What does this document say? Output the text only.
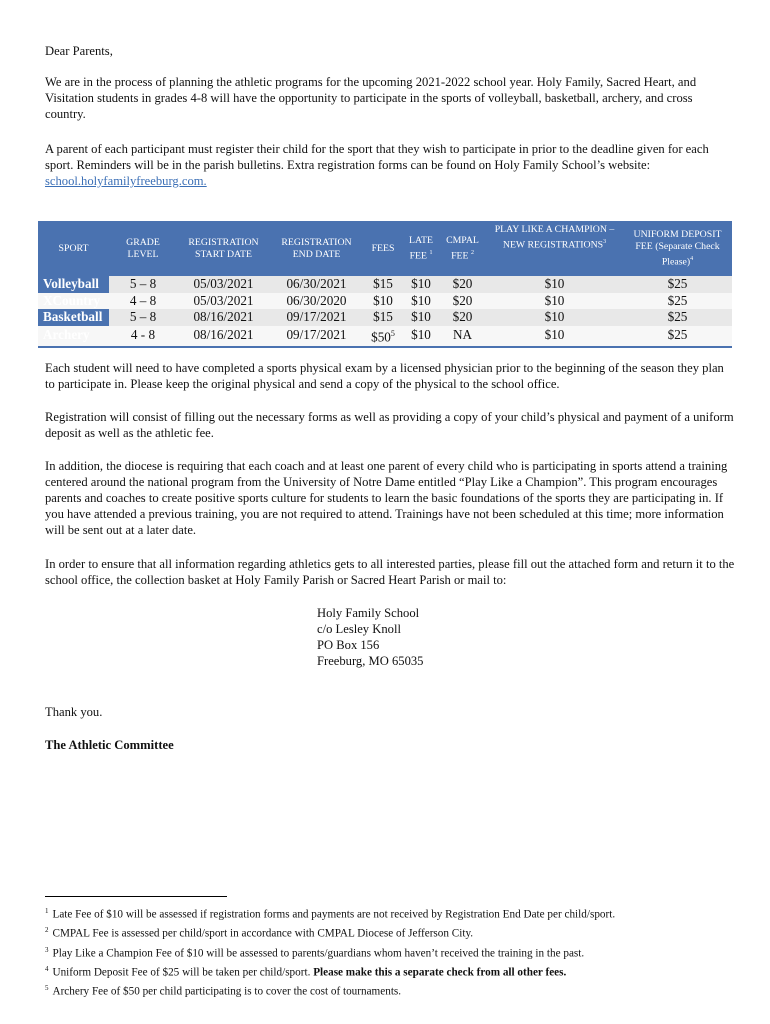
Dear Parents,

We are in the process of planning the athletic programs for the upcoming 2021-2022 school year. Holy Family, Sacred Heart, and Visitation students in grades 4-8 will have the opportunity to participate in the sports of volleyball, basketball, archery, and cross country.

A parent of each participant must register their child for the sport that they wish to participate in prior to the deadline given for each sport. Reminders will be in the parish bulletins. Extra registration forms can be found on Holy Family School’s website: school.holyfamilyfreeburg.com.

SPORT	GRADE LEVEL	REGISTRATION START DATE	REGISTRATION END DATE	FEES	LATE FEE $^1$	CMPAL FEE $^2$	PLAY LIKE A CHAMPION – NEW REGISTRATIONS$^3$	UNIFORM DEPOSIT FEE (Separate Check Please)$^4$
Volleyball	5 – 8	05/03/2021	06/30/2021	$15	$10	$20	$10	$25
XCountry	4 – 8	05/03/2021	06/30/2020	$10	$10	$20	$10	$25
Basketball	5 – 8	08/16/2021	09/17/2021	$15	$10	$20	$10	$25
Archery	4 - 8	08/16/2021	09/17/2021	$\$50^5$	$10	NA	$10	$25

Each student will need to have completed a sports physical exam by a licensed physician prior to the beginning of the season they plan to participate in. Please keep the original physical and send a copy of the physical to the school office.

Registration will consist of filling out the necessary forms as well as providing a copy of your child’s physical and payment of a uniform deposit as well as the athletic fee.

In addition, the diocese is requiring that each coach and at least one parent of every child who is participating in sports attend a training centered around the national program from the University of Notre Dame entitled “Play Like a Champion”. This program encourages parents and coaches to create positive sports culture for students to learn the basic foundations of the sports they are participating in. If you have attended a previous training, you are not required to attend. Trainings have not been scheduled at this time; more information will be sent out at a later date.

In order to ensure that all information regarding athletics gets to all interested parties, please fill out the attached form and return it to the school office, the collection basket at Holy Family Parish or Sacred Heart Parish or mail to:

Holy Family School
c/o Lesley Knoll
PO Box 156
Freeburg, MO 65035

Thank you.

The Athletic Committee

$^1$ Late Fee of $10 will be assessed if registration forms and payments are not received by Registration End Date per child/sport.
$^2$ CMPAL Fee is assessed per child/sport in accordance with CMPAL Diocese of Jefferson City.
$^3$ Play Like a Champion Fee of $10 will be assessed to parents/guardians whom haven’t received the training in the past.
$^4$ Uniform Deposit Fee of $25 will be taken per child/sport. Please make this a separate check from all other fees.
$^5$ Archery Fee of $50 per child participating is to cover the cost of tournaments.
